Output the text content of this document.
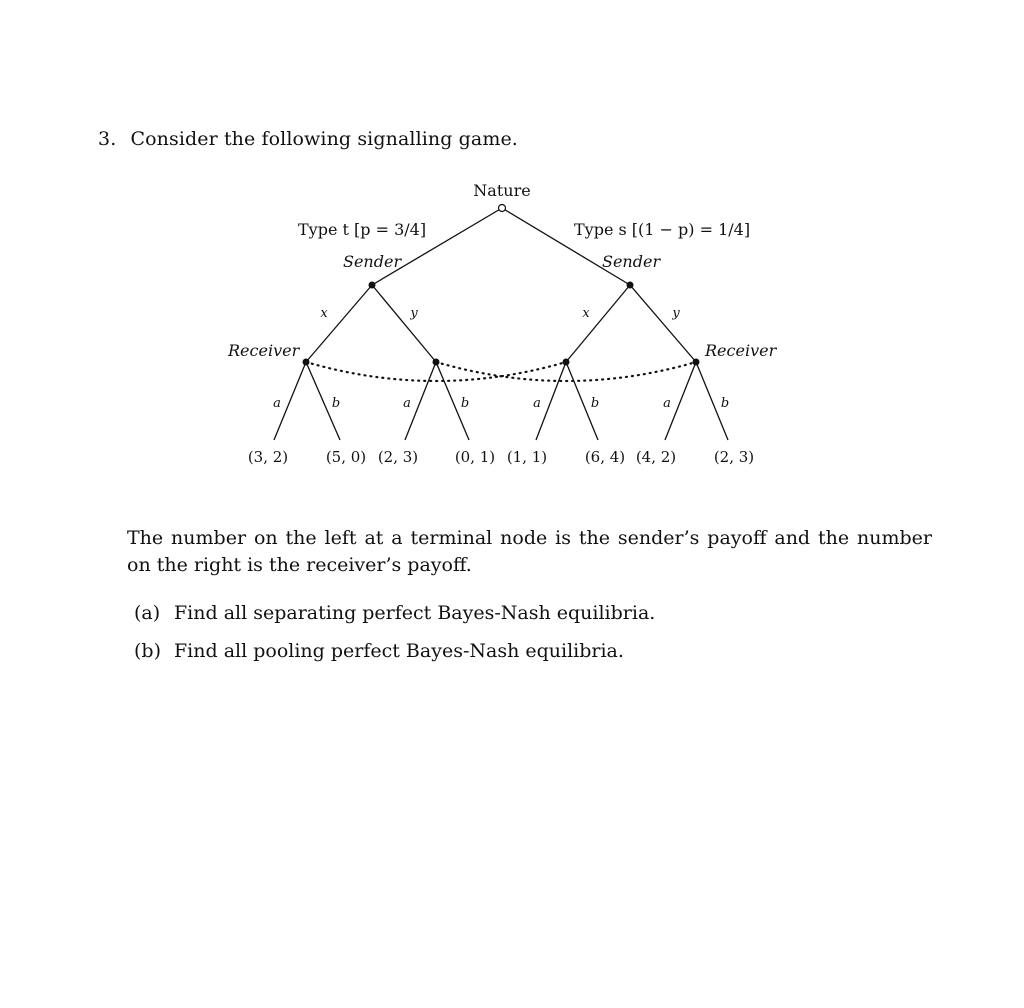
3. Consider the following signalling game.
Nature
Type t [p = 3/4]	Type s [(1 − p) = 1/4]
Sender	Sender
Receiver	Receiver
x	y	x	y
a	b	a	b	a	b	a	b
(3, 2)	(5, 0) (2, 3) (0, 1) (1, 1)	(6, 4) (4, 2)	(2, 3)
The number on the left at a terminal node is the sender’s payoff and the number on the right is the receiver’s payoff.
(a) Find all separating perfect Bayes-Nash equilibria.
(b) Find all pooling perfect Bayes-Nash equilibria.
